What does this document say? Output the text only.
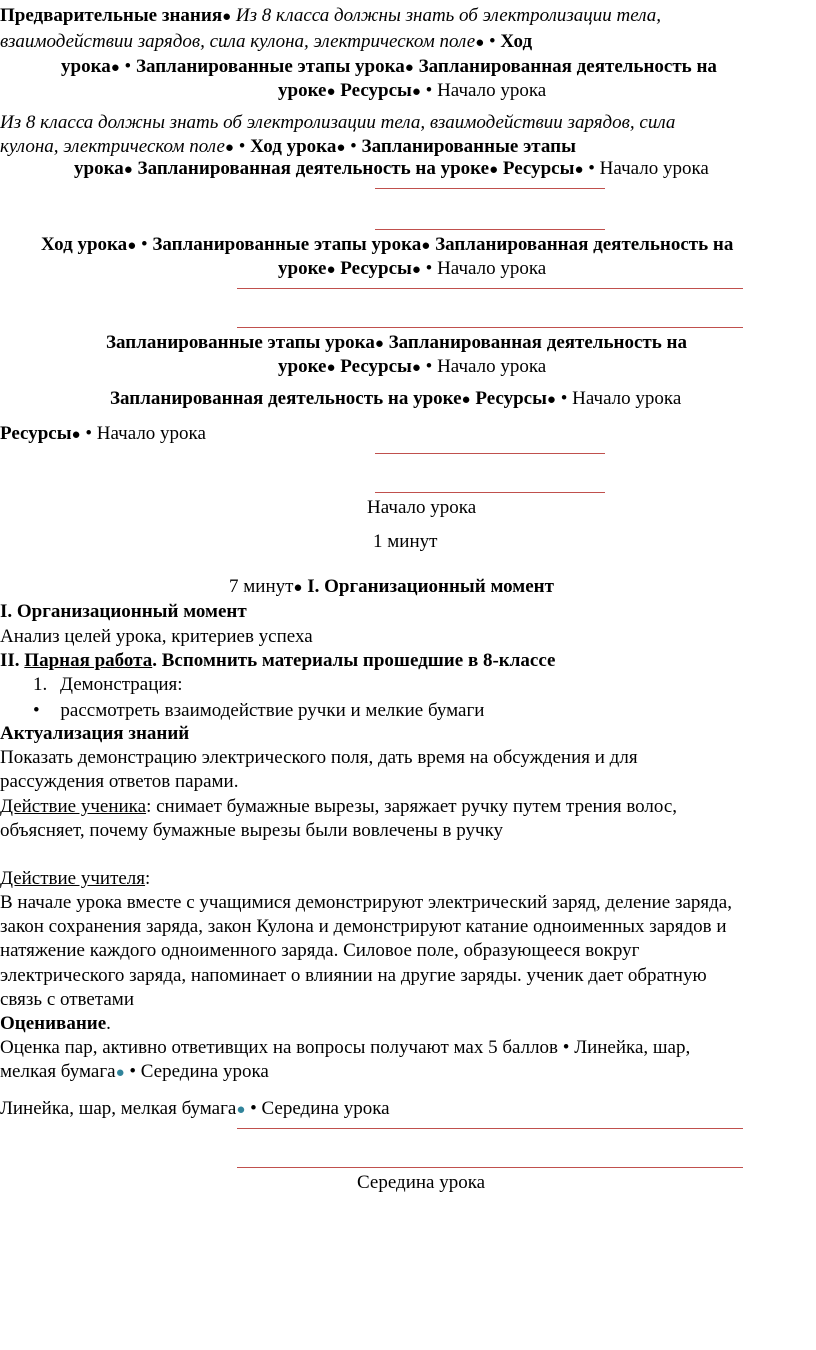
Предварительные знания● Из 8 класса должны знать об электролизации тела,
взаимодействии зарядов, сила кулона, электрическом поле● • Ход
урока● • Запланированные этапы урока● Запланированная деятельность на
уроке● Ресурсы● • Начало урока
Из 8 класса должны знать об электролизации тела, взаимодействии зарядов, сила
кулона, электрическом поле● • Ход урока● • Запланированные этапы
урока● Запланированная деятельность на уроке● Ресурсы● • Начало урока
Ход урока● • Запланированные этапы урока● Запланированная деятельность на
уроке● Ресурсы● • Начало урока
Запланированные этапы урока● Запланированная деятельность на
уроке● Ресурсы● • Начало урока
Запланированная деятельность на уроке● Ресурсы● • Начало урока
Ресурсы● • Начало урока
Начало урока
1 минут
7 минут● I. Организационный момент
I. Организационный момент
Анализ целей урока, критериев успеха
II. Парная работа. Вспомнить материалы прошедшие в 8-классе
1. Демонстрация:
• рассмотреть взаимодействие ручки и мелкие бумаги
Актуализация знаний
Показать демонстрацию электрического поля, дать время на обсуждения и для
рассуждения ответов парами.
Действие ученика: снимает бумажные вырезы, заряжает ручку путем трения волос,
объясняет, почему бумажные вырезы были вовлечены в ручку
Действие учителя:
В начале урока вместе с учащимися демонстрируют электрический заряд, деление заряда,
закон сохранения заряда, закон Кулона и демонстрируют катание одноименных зарядов и
натяжение каждого одноименного заряда. Силовое поле, образующееся вокруг
электрического заряда, напоминает о влиянии на другие заряды. ученик дает обратную
связь с ответами
Оценивание.
Оценка пар, активно ответивщих на вопросы получают мах 5 баллов • Линейка, шар,
мелкая бумага● • Середина урока
Линейка, шар, мелкая бумага● • Середина урока
Середина урока
